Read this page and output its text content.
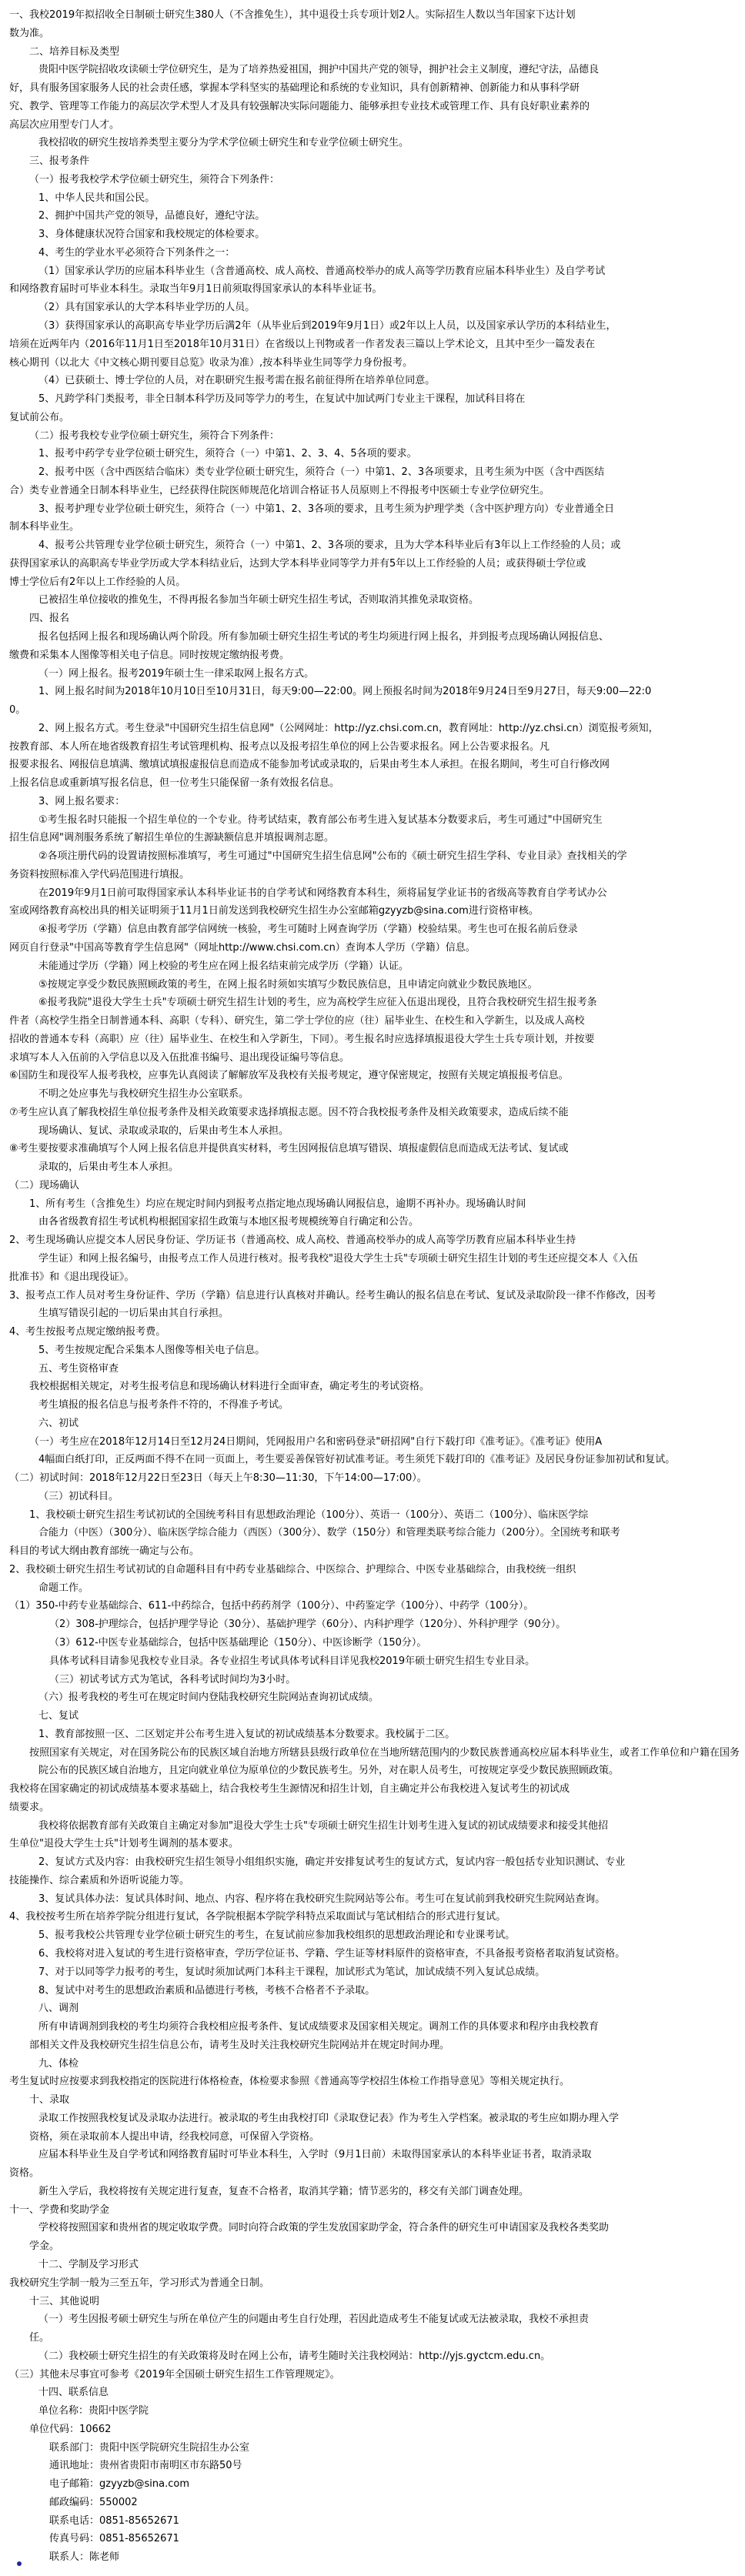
一、我校2019年拟招收全日制硕士研究生380人（不含推免生），其中退役士兵专项计划2人。实际招生人数以当年国家下达计划
数为准。
二、培养目标及类型
贵阳中医学院招收攻读硕士学位研究生，是为了培养热爱祖国，拥护中国共产党的领导，拥护社会主义制度，遵纪守法，品德良
好，具有服务国家服务人民的社会责任感，掌握本学科坚实的基础理论和系统的专业知识，具有创新精神、创新能力和从事科学研
究、教学、管理等工作能力的高层次学术型人才及具有较强解决实际问题能力、能够承担专业技术或管理工作、具有良好职业素养的
高层次应用型专门人才。
我校招收的研究生按培养类型主要分为学术学位硕士研究生和专业学位硕士研究生。
三、报考条件
（一）报考我校学术学位硕士研究生，须符合下列条件：
1、中华人民共和国公民。
2、拥护中国共产党的领导，品德良好，遵纪守法。
3、身体健康状况符合国家和我校规定的体检要求。
4、考生的学业水平必须符合下列条件之一：
（1）国家承认学历的应届本科毕业生（含普通高校、成人高校、普通高校举办的成人高等学历教育应届本科毕业生）及自学考试
和网络教育届时可毕业本科生。录取当年9月1日前须取得国家承认的本科毕业证书。
（2）具有国家承认的大学本科毕业学历的人员。
（3）获得国家承认的高职高专毕业学历后满2年（从毕业后到2019年9月1日）或2年以上人员，以及国家承认学历的本科结业生，
培须在近两年内（2016年11月1日至2018年10月31日）在省级以上刊物或者一作者发表三篇以上学术论文，且其中至少一篇发表在
核心期刊（以北大《中文核心期刊要目总览》收录为准）,按本科毕业生同等学力身份报考。
（4）已获硕士、博士学位的人员，对在职研究生报考需在报名前征得所在培养单位同意。
5、凡跨学科门类报考，非全日制本科学历及同等学力的考生，在复试中加试两门专业主干课程，加试科目将在
复试前公布。
（二）报考我校专业学位硕士研究生，须符合下列条件：
1、报考中药学专业学位硕士研究生，须符合（一）中第1、2、3、4、5各项的要求。
2、报考中医（含中西医结合临床）类专业学位硕士研究生，须符合（一）中第1、2、3各项要求，且考生须为中医（含中西医结
合）类专业普通全日制本科毕业生，已经获得住院医师规范化培训合格证书人员原则上不得报考中医硕士专业学位研究生。
3、报考护理专业学位硕士研究生，须符合（一）中第1、2、3各项的要求，且考生须为护理学类（含中医护理方向）专业普通全日
制本科毕业生。
4、报考公共管理专业学位硕士研究生，须符合（一）中第1、2、3各项的要求，且为大学本科毕业后有3年以上工作经验的人员；或
获得国家承认的高职高专毕业学历或大学本科结业后，达到大学本科毕业同等学力并有5年以上工作经验的人员；或获得硕士学位或
博士学位后有2年以上工作经验的人员。
已被招生单位接收的推免生，不得再报名参加当年硕士研究生招生考试，否则取消其推免录取资格。
四、报名
报名包括网上报名和现场确认两个阶段。所有参加硕士研究生招生考试的考生均须进行网上报名，并到报考点现场确认网报信息、
缴费和采集本人图像等相关电子信息。同时按规定缴纳报考费。
（一）网上报名。报考2019年硕士生一律采取网上报名方式。
1、网上报名时间为2018年10月10日至10月31日，每天9:00—22:00。网上预报名时间为2018年9月24日至9月27日，每天9:00—22:0
0。
2、网上报名方式。考生登录"中国研究生招生信息网"（公网网址：http://yz.chsi.com.cn，教育网址：http://yz.chsi.cn）浏览报考须知，
按教育部、本人所在地省级教育招生考试管理机构、报考点以及报考招生单位的网上公告要求报名。网上公告要求报名。凡
报要求报名、网报信息填满、缴填试填报虚报信息而造成不能参加考试或录取的，后果由考生本人承担。在报名期间，考生可自行修改网
上报名信息或重新填写报名信息，但一位考生只能保留一条有效报名信息。
3、网上报名要求：
①考生报名时只能报一个招生单位的一个专业。待考试结束，教育部公布考生进入复试基本分数要求后，考生可通过"中国研究生
招生信息网"调剂服务系统了解招生单位的生源缺额信息并填报调剂志愿。
②各项注册代码的设置请按照标准填写，考生可通过"中国研究生招生信息网"公布的《硕士研究生招生学科、专业目录》查找相关的学
务资料按照标准入学代码范围进行填报。
在2019年9月1日前可取得国家承认本科毕业证书的自学考试和网络教育本科生，须将届复学业证书的省级高等教育自学考试办公
室或网络教育高校出具的相关证明须于11月1日前发送到我校研究生招生办公室邮箱gzyyzb@sina.com进行资格审核。
④报考学历（学籍）信息由教育部学信网统一核验，考生可随时上网查询学历（学籍）校验结果。考生也可在报名前后登录
网页自行登录"中国高等教育学生信息网"（网址http://www.chsi.com.cn）查询本人学历（学籍）信息。
未能通过学历（学籍）网上校验的考生应在网上报名结束前完成学历（学籍）认证。
⑤按规定享受少数民族照顾政策的考生，在网上报名时须如实填写少数民族信息，且申请定向就业少数民族地区。
⑥报考我院"退役大学生士兵"专项硕士研究生招生计划的考生，应为高校学生应征入伍退出现役，且符合我校研究生招生报考条
件者（高校学生指全日制普通本科、高职（专科）、研究生，第二学士学位的应（往）届毕业生、在校生和入学新生，以及成人高校
招收的普通本专科（高职）应（往）届毕业生、在校生和入学新生，下同）。考生报名时应选择填报退役大学生士兵专项计划，并按要
求填写本人入伍前的入学信息以及入伍批准书编号、退出现役证编号等信息。
⑥国防生和现役军人报考我校，应事先认真阅读了解解放军及我校有关报考规定，遵守保密规定，按照有关规定填报报考信息。
不明之处应事先与我校研究生招生办公室联系。
⑦考生应认真了解我校招生单位报考条件及相关政策要求选择填报志愿。因不符合我校报考条件及相关政策要求，造成后续不能
现场确认、复试、录取或录取的，后果由考生本人承担。
⑧考生要按要求准确填写个人网上报名信息并提供真实材料，考生因网报信息填写错误、填报虚假信息而造成无法考试、复试或
录取的，后果由考生本人承担。
（二）现场确认
1、所有考生（含推免生）均应在规定时间内到报考点指定地点现场确认网报信息，逾期不再补办。现场确认时间
由各省级教育招生考试机构根据国家招生政策与本地区报考规模统筹自行确定和公告。
2、考生现场确认应提交本人居民身份证、学历证书（普通高校、成人高校、普通高校举办的成人高等学历教育应届本科毕业生持
学生证）和网上报名编号，由报考点工作人员进行核对。报考我校"退役大学生士兵"专项硕士研究生招生计划的考生还应提交本人《入伍
批准书》和《退出现役证》。
3、报考点工作人员对考生身份证件、学历（学籍）信息进行认真核对并确认。经考生确认的报名信息在考试、复试及录取阶段一律不作修改，因考
生填写错误引起的一切后果由其自行承担。
4、考生按报考点规定缴纳报考费。
5、考生按规定配合采集本人图像等相关电子信息。
五、考生资格审查
我校根据相关规定，对考生报考信息和现场确认材料进行全面审查，确定考生的考试资格。
考生填报的报名信息与报考条件不符的，不得准予考试。
六、初试
（一）考生应在2018年12月14日至12月24日期间，凭网报用户名和密码登录"研招网"自行下载打印《准考证》。《准考证》使用A
4幅面白纸打印，正反两面不得不在同一页面上，考生要妥善保管好初试准考证。考生须凭下载打印的《准考证》及居民身份证参加初试和复试。
（二）初试时间：2018年12月22日至23日（每天上午8:30—11:30，下午14:00—17:00）。
（三）初试科目。
1、我校硕士研究生招生考试初试的全国统考科目有思想政治理论（100分）、英语一（100分）、英语二（100分）、临床医学综
合能力（中医）（300分）、临床医学综合能力（西医）（300分）、数学（150分）和管理类联考综合能力（200分）。全国统考和联考
科目的考试大纲由教育部统一确定与公布。
2、我校硕士研究生招生考试初试的自命题科目有中药专业基础综合、中医综合、护理综合、中医专业基础综合，由我校统一组织
命题工作。
（1）350-中药专业基础综合、611-中药综合，包括中药药剂学（100分）、中药鉴定学（100分）、中药学（100分）。
（2）308-护理综合，包括护理学导论（30分）、基础护理学（60分）、内科护理学（120分）、外科护理学（90分）。
（3）612-中医专业基础综合，包括中医基础理论（150分）、中医诊断学（150分）。
具体考试科目请参见我校专业目录。各专业招生考试具体考试科目详见我校2019年硕士研究生招生专业目录。
（三）初试考试方式为笔试，各科考试时间均为3小时。
（六）报考我校的考生可在规定时间内登陆我校研究生院网站查询初试成绩。
七、复试
1、教育部按照一区、二区划定并公布考生进入复试的初试成绩基本分数要求。我校属于二区。
按照国家有关规定，对在国务院公布的民族区域自治地方所辖县县级行政单位在当地所辖范围内的少数民族普通高校应届本科毕业生，或者工作单位和户籍在国务
院公布的民族区域自治地方，且定向就业单位为原单位的少数民族考生。另外，对在职人员考生，可按规定享受少数民族照顾政策。
我校将在国家确定的初试成绩基本要求基础上，结合我校考生生源情况和招生计划，自主确定并公布我校进入复试考生的初试成
绩要求。
我校将依据教育部有关政策自主确定对参加"退役大学生士兵"专项硕士研究生招生计划考生进入复试的初试成绩要求和接受其他招
生单位"退役大学生士兵"计划考生调剂的基本要求。
2、复试方式及内容：由我校研究生招生领导小组组织实施，确定并安排复试考生的复试方式，复试内容一般包括专业知识测试、专业
技能操作、综合素质和外语听说能力等。
3、复试具体办法：复试具体时间、地点、内容、程序将在我校研究生院网站等公布。考生可在复试前到我校研究生院网站查询。
4、我校按考生所在培养学院分组进行复试，各学院根据本学院学科特点采取面试与笔试相结合的形式进行复试。
5、报考我校公共管理专业学位硕士研究生的考生，在复试前应参加我校组织的思想政治理论和专业课考试。
6、我校将对进入复试的考生进行资格审查，学历学位证书、学籍、学生证等材料原件的资格审查，不具备报考资格者取消复试资格。
7、对于以同等学力报考的考生，复试时须加试两门本科主干课程，加试形式为笔试，加试成绩不列入复试总成绩。
8、复试中对考生的思想政治素质和品德进行考核，考核不合格者不予录取。
八、调剂
所有申请调剂到我校的考生均须符合我校相应报考条件、复试成绩要求及国家相关规定。调剂工作的具体要求和程序由我校教育
部相关文件及我校研究生招生信息公布，请考生及时关注我校研究生院网站并在规定时间办理。
九、体检
考生复试时应按要求到我校指定的医院进行体格检查，体检要求参照《普通高等学校招生体检工作指导意见》等相关规定执行。
十、录取
录取工作按照我校复试及录取办法进行。被录取的考生由我校打印《录取登记表》作为考生入学档案。被录取的考生应如期办理入学
资格，须在录取前本人提出申请，经我校同意，可保留入学资格。
应届本科毕业生及自学考试和网络教育届时可毕业本科生，入学时（9月1日前）未取得国家承认的本科毕业证书者，取消录取
资格。
新生入学后，我校将按有关规定进行复查，复查不合格者，取消其学籍；情节恶劣的，移交有关部门调查处理。
十一、学费和奖助学金
学校将按照国家和贵州省的规定收取学费。同时向符合政策的学生发放国家助学金，符合条件的研究生可申请国家及我校各类奖助
学金。
十二、学制及学习形式
我校研究生学制一般为三至五年，学习形式为普通全日制。
十三、其他说明
（一）考生因报考硕士研究生与所在单位产生的问题由考生自行处理，若因此造成考生不能复试或无法被录取，我校不承担责
任。
（二）我校硕士研究生招生的有关政策将及时在网上公布，请考生随时关注我校网站：http://yjs.gyctcm.edu.cn。
（三）其他未尽事宜可参考《2019年全国硕士研究生招生工作管理规定》。
十四、联系信息
单位名称：贵阳中医学院
单位代码：10662
联系部门：贵阳中医学院研究生院招生办公室
通讯地址：贵州省贵阳市南明区市东路50号
电子邮箱：gzyyzb@sina.com
邮政编码：550002
联系电话：0851-85652671
传真号码：0851-85652671
联系人：陈老师
